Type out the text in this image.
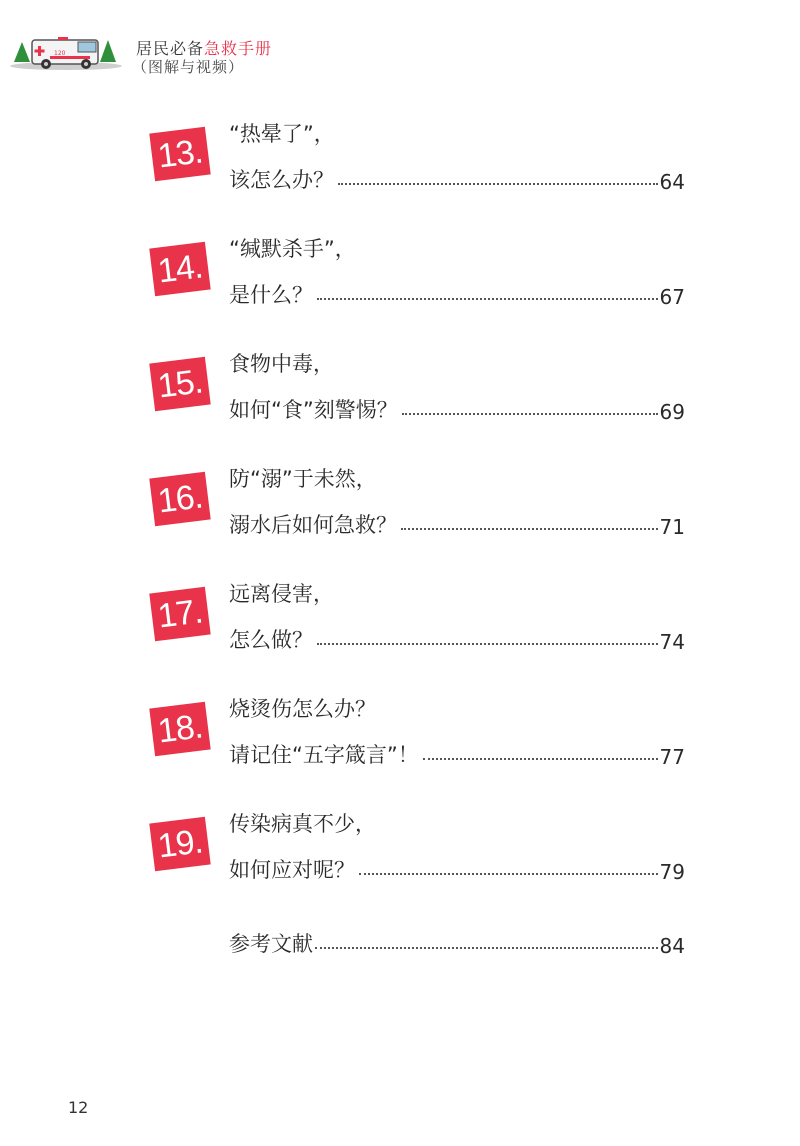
120	居民必备急救手册
（图解与视频）
13.	“热晕了”，
该怎么办？	64
14.	“缄默杀手”，
是什么？	67
15.	食物中毒，
如何“食”刻警惕？	69
16.	防“溺”于未然，
溺水后如何急救？	71
17.	远离侵害，
怎么做？	74
18.	烧烫伤怎么办？
请记住“五字箴言”！	77
19.	传染病真不少，
如何应对呢？	79
参考文献	84
12
